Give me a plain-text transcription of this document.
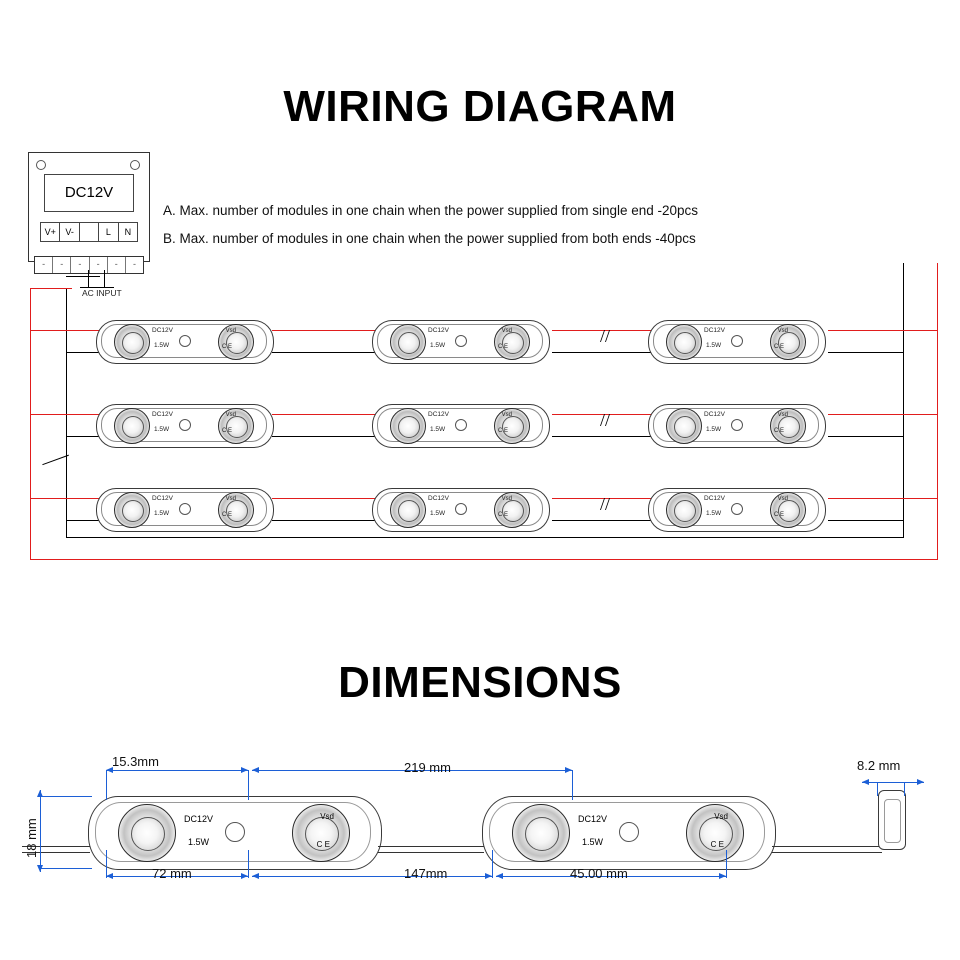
WIRING DIAGRAM
DC12V
V+	V-	L	N
-	-	-	-	-	-
AC INPUT
A. Max. number of modules in one chain when the power supplied from single end -20pcs
B. Max. number of modules in one chain when the power supplied from both ends -40pcs
//
DC12V
1.5W
Vsd
C E
DC12V
1.5W
Vsd
C E
DC12V
1.5W
Vsd
C E
//
DC12V
1.5W
Vsd
C E
DC12V
1.5W
Vsd
C E
DC12V
1.5W
Vsd
C E
//
DC12V
1.5W
Vsd
C E
DC12V
1.5W
Vsd
C E
DC12V
1.5W
Vsd
C E
DIMENSIONS
DC12V
1.5W
Vsd
C E
DC12V
1.5W
Vsd
C E
15.3mm	219 mm	8.2 mm
18 mm
72 mm	147mm	45.00 mm
